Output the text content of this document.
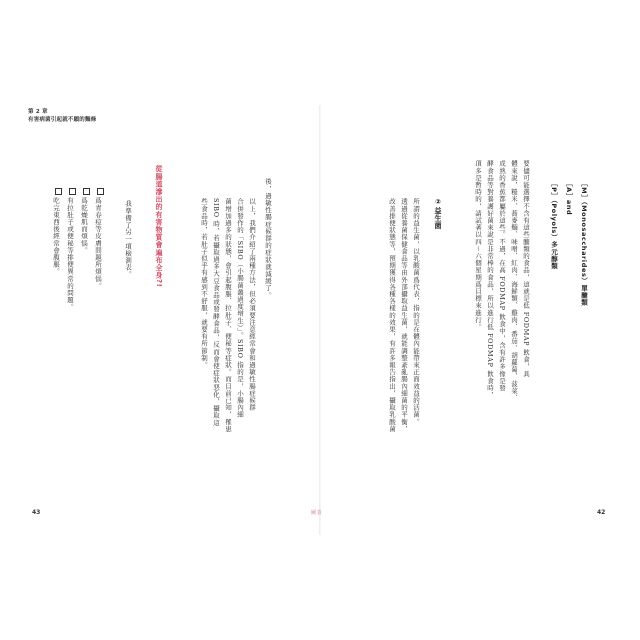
第 2 章
有害病菌引起就不願的麵條
要儘可能選擇不含有這些醣類的食品，這就是低 FODMAP 飲食，具
體來說，糙米、蕎麥麵、味噌、紅肉、海鮮類、雞肉、番茄、胡蘿蔔、菠菜、
成熟的香蕉都屬於這些。不過，在高 FODMAP 飲食中，含有許多像是發
酵食品等對養護好菌來說是非常棒的食品，所以進行低 FODMAP 飲食時，
頂多是暫時的，請試著以四～六個星期爲目標來進行。	［M］（Monosaccharides）單醣類
［A］and
［P］（Polyols）多元醇類
②益生菌
所謂的益生菌，以乳酸菌爲代表，指的是在體內能帶來正面效益的活菌。
透過從養菌保健食品等由外部攝取益生菌，就能調整紊亂腸內細菌的平衡，
改善排便狀態等，預期獲得各種各樣的效果，有許多報告指出，攝取乳酸菌
後，過敏性腸症候群的症狀就減緩了。
以上，我們介紹了兩種方法，但必須要注意經常會和過敏性腸症候群
合併發作的「SIBO（小腸菌叢過度增生）」。SIBO 指的是，小腸內細
菌增加過多的狀態，會引起腹脹、拉肚子、便秘等症狀。而目前已知，罹患
SIBO 時，若攝取過多大豆食品或發酵食品，反而會使症狀惡化，攝取這
些食品時，若肚子似乎有感到不舒服，就要有所節制。
從腸道滲出的有害物質會遍布全身?!
我準備了另一項檢測表。
爲青春痘等皮膚問題所煩惱。
爲乾燥肌而煩惱。
有拉肚子或便秘等排便異常的問題。
吃完東西後經常會腹脹。
43	圖表	42
